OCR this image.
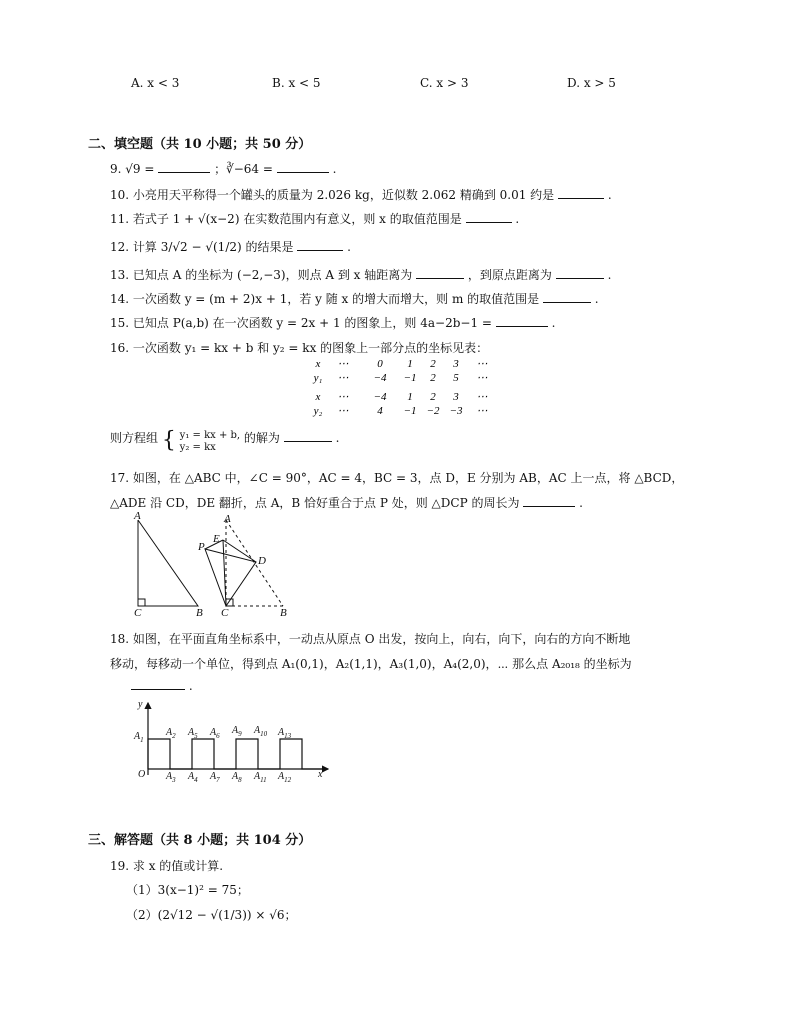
A. x < 3	B. x < 5	C. x > 3	D. x > 5
二、填空题（共 10 小题；共 50 分）
9. √9 =	；∛−64 =	.
10. 小亮用天平称得一个罐头的质量为 2.026 kg，近似数 2.062 精确到 0.01 约是	.
11. 若式子 1 + √(x−2) 在实数范围内有意义，则 x 的取值范围是	.
12. 计算 3/√2 − √(1/2) 的结果是	.
13. 已知点 A 的坐标为 (−2,−3)，则点 A 到 x 轴距离为	，到原点距离为	.
14. 一次函数 y = (m + 2)x + 1，若 y 随 x 的增大而增大，则 m 的取值范围是	.
15. 已知点 P(a,b) 在一次函数 y = 2x + 1 的图象上，则 4a−2b−1 =	.
16. 一次函数 y₁ = kx + b 和 y₂ = kx 的图象上一部分点的坐标见表：
x ⋯	0 1 2 3 ⋯
y₁ ⋯ −4 −1 2 5 ⋯
x ⋯ −4 1 2 3 ⋯
y₂ ⋯	4 −1 −2 −3 ⋯
则方程组 { y₁ = kx + b,
y₂ = kx 的解为	.
17. 如图，在 △ABC 中，∠C = 90°，AC = 4，BC = 3，点 D，E 分别为 AB，AC 上一点，将 △BCD，
△ADE 沿 CD，DE 翻折，点 A，B 恰好重合于点 P 处，则 △DCP 的周长为	.
A
C	B
A
E
P
D
C	B
18. 如图，在平面直角坐标系中，一动点从原点 O 出发，按向上，向右，向下，向右的方向不断地
移动，每移动一个单位，得到点 A₁(0,1)，A₂(1,1)，A₃(1,0)，A₄(2,0)，⋯ 那么点 A₂₀₁₈ 的坐标为
.
y
x
O
$A_1$
$A_2$
$A_3$ $A_4$
$A_5$ $A_6$
$A_7$ $A_8$
$A_9$ $A_{10}$
$A_{11}$ $A_{12}$
$A_{13}$
三、解答题（共 8 小题；共 104 分）
19. 求 x 的值或计算.
（1）3(x−1)² = 75；
（2）(2√12 − √(1/3)) × √6；
